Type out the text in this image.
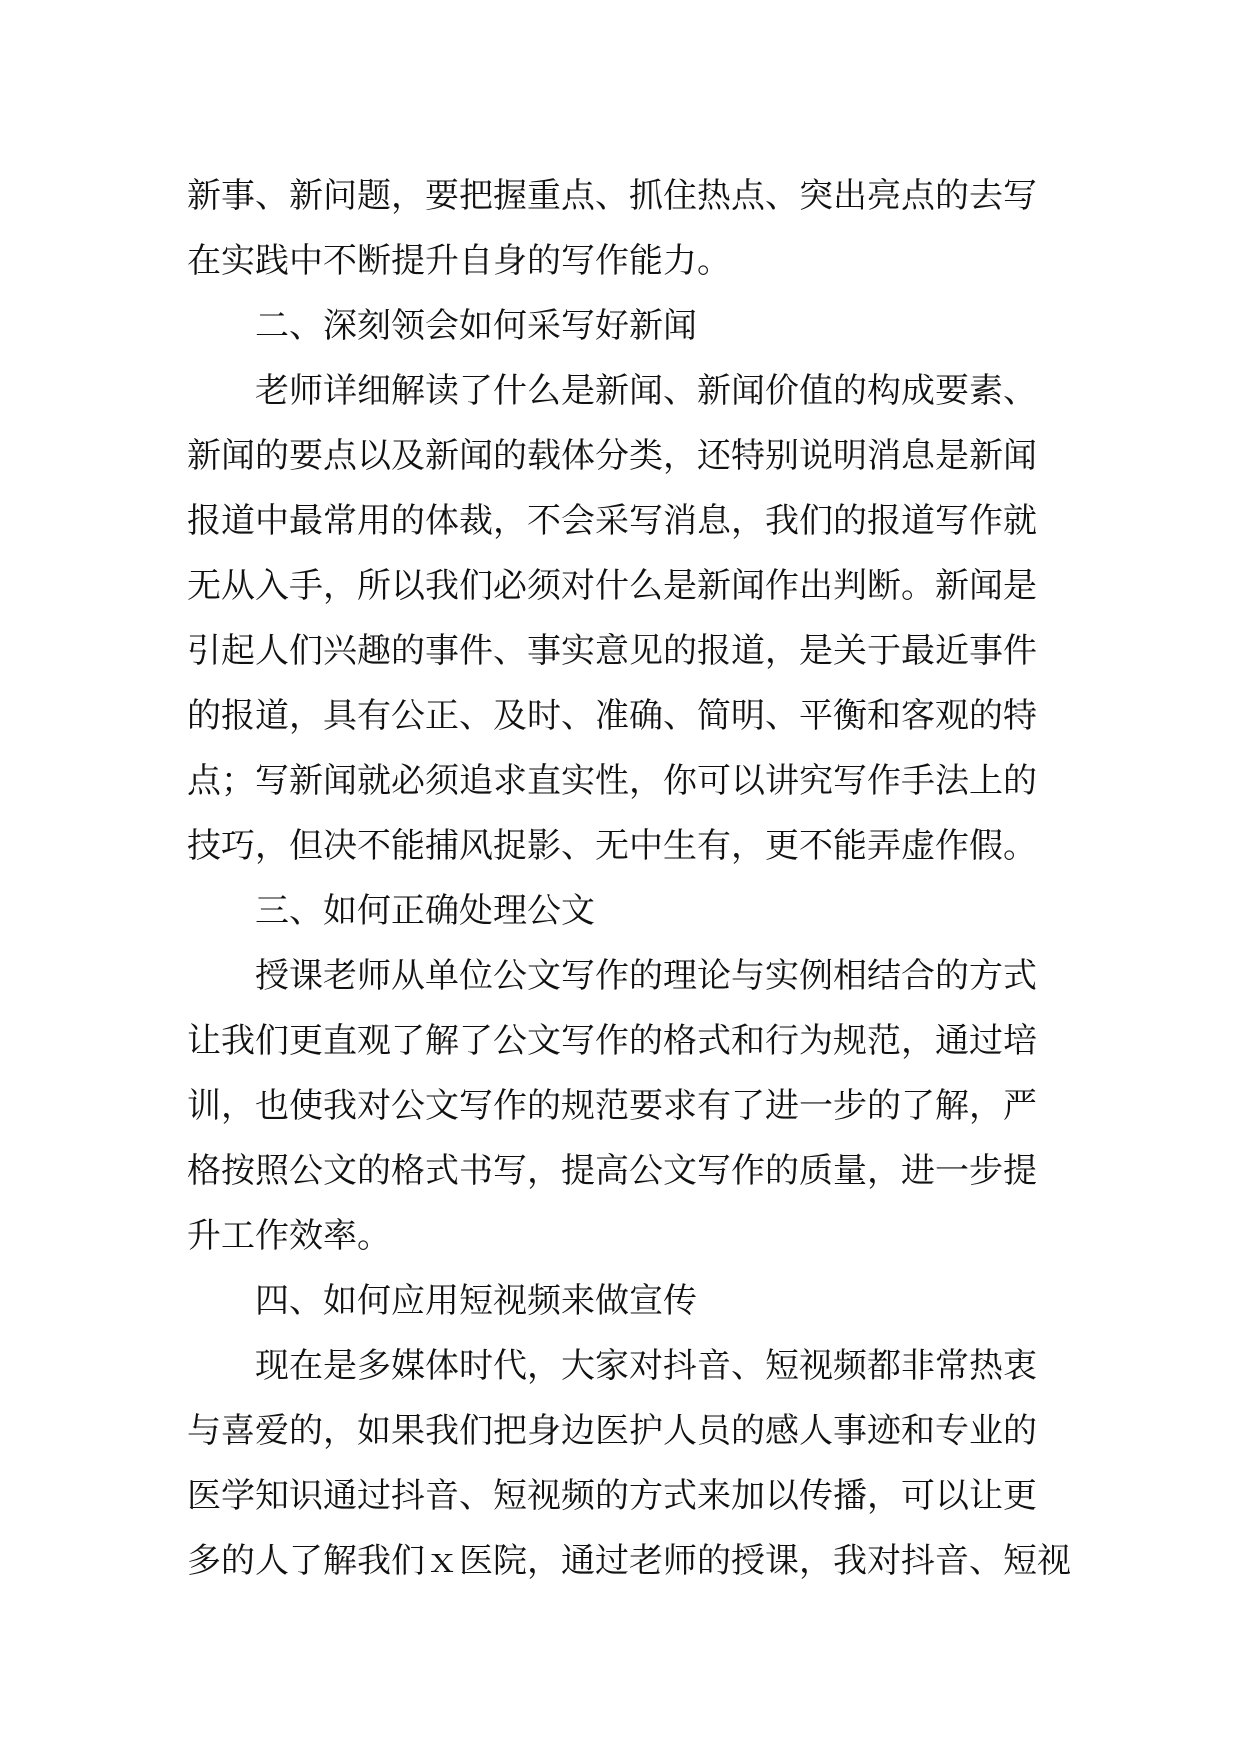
新事、新问题，要把握重点、抓住热点、突出亮点的去写
在实践中不断提升自身的写作能力。
二、深刻领会如何采写好新闻
老师详细解读了什么是新闻、新闻价值的构成要素、
新闻的要点以及新闻的载体分类，还特别说明消息是新闻
报道中最常用的体裁，不会采写消息，我们的报道写作就
无从入手，所以我们必须对什么是新闻作出判断。新闻是
引起人们兴趣的事件、事实意见的报道，是关于最近事件
的报道，具有公正、及时、准确、简明、平衡和客观的特
点；写新闻就必须追求直实性，你可以讲究写作手法上的
技巧，但决不能捕风捉影、无中生有，更不能弄虚作假。
三、如何正确处理公文
授课老师从单位公文写作的理论与实例相结合的方式
让我们更直观了解了公文写作的格式和行为规范，通过培
训，也使我对公文写作的规范要求有了进一步的了解，严
格按照公文的格式书写，提高公文写作的质量，进一步提
升工作效率。
四、如何应用短视频来做宣传
现在是多媒体时代，大家对抖音、短视频都非常热衷
与喜爱的，如果我们把身边医护人员的感人事迹和专业的
医学知识通过抖音、短视频的方式来加以传播，可以让更
多的人了解我们ｘ医院，通过老师的授课，我对抖音、短视
